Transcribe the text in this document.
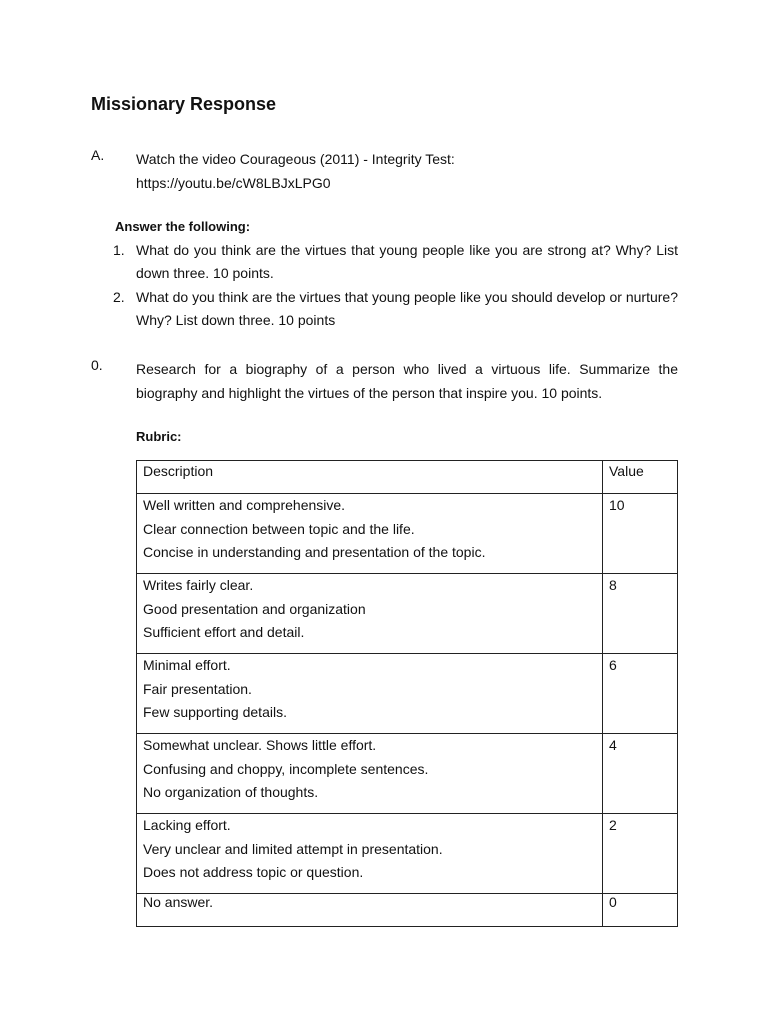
Missionary Response
A. Watch the video Courageous (2011) - Integrity Test:
https://youtu.be/cW8LBJxLPG0
Answer the following:
1. What do you think are the virtues that young people like you are strong at? Why? List down three. 10 points.
2. What do you think are the virtues that young people like you should develop or nurture? Why? List down three. 10 points
0. Research for a biography of a person who lived a virtuous life. Summarize the biography and highlight the virtues of the person that inspire you. 10 points.
Rubric:
Description	Value

Well written and comprehensive.
Clear connection between topic and the life.
Concise in understanding and presentation of the topic.	10

Writes fairly clear.
Good presentation and organization
Sufficient effort and detail.	8

Minimal effort.
Fair presentation.
Few supporting details.	6

Somewhat unclear. Shows little effort.
Confusing and choppy, incomplete sentences.
No organization of thoughts.	4

Lacking effort.
Very unclear and limited attempt in presentation.
Does not address topic or question.	2
No answer.	0
